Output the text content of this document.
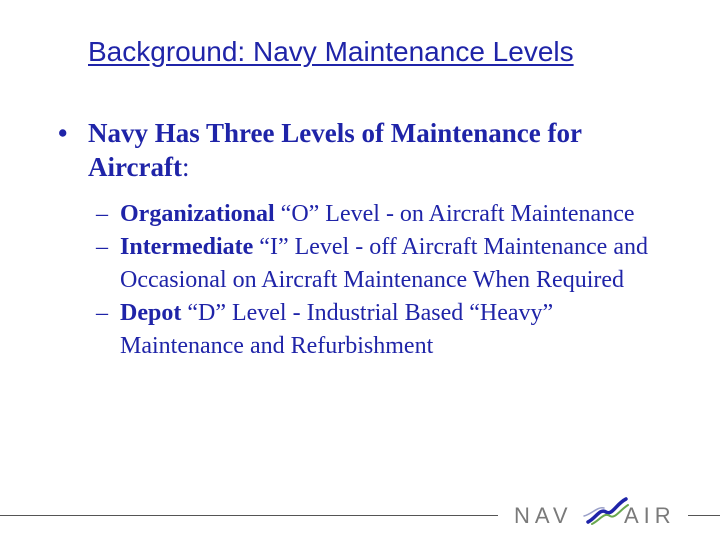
Background: Navy Maintenance Levels
• Navy Has Three Levels of Maintenance for Aircraft:
– Organizational “O” Level - on Aircraft Maintenance
– Intermediate “I” Level - off Aircraft Maintenance and Occasional on Aircraft Maintenance When Required
– Depot “D” Level - Industrial Based “Heavy” Maintenance and Refurbishment
NAV AIR
